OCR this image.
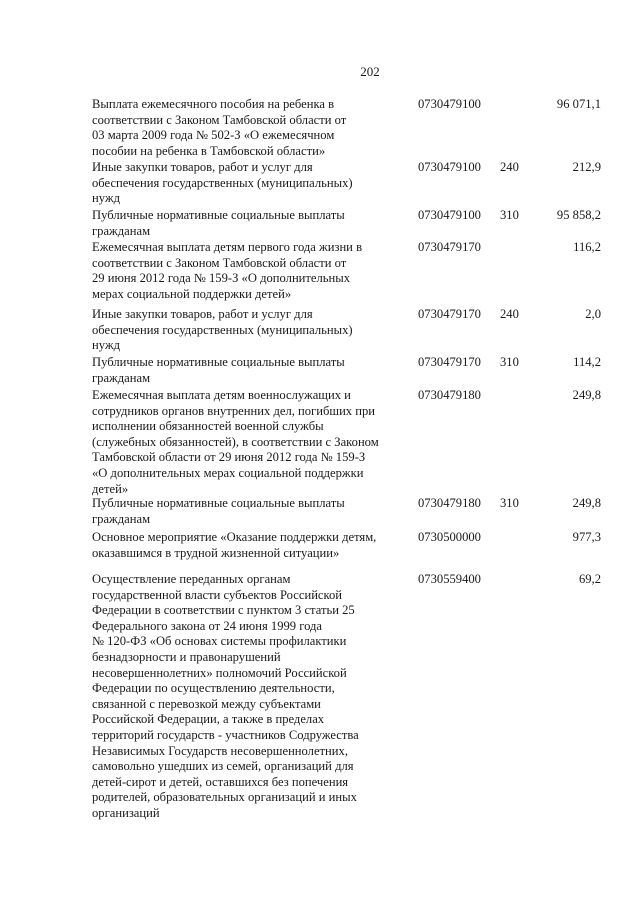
202
Выплата ежемесячного пособия на ребенка в
соответствии с Законом Тамбовской области от
03 марта 2009 года № 502-З «О ежемесячном
пособии на ребенка в Тамбовской области»
0730479100	96 071,1
Иные закупки товаров, работ и услуг для
обеспечения государственных (муниципальных)
нужд
0730479100 240	212,9
Публичные нормативные социальные выплаты
гражданам
0730479100 310	95 858,2
Ежемесячная выплата детям первого года жизни в
соответствии с Законом Тамбовской области от
29 июня 2012 года № 159-З «О дополнительных
мерах социальной поддержки детей»
0730479170	116,2
Иные закупки товаров, работ и услуг для
обеспечения государственных (муниципальных)
нужд
0730479170 240	2,0
Публичные нормативные социальные выплаты
гражданам
0730479170 310	114,2
Ежемесячная выплата детям военнослужащих и
сотрудников органов внутренних дел, погибших при
исполнении обязанностей военной службы
(служебных обязанностей), в соответствии с Законом
Тамбовской области от 29 июня 2012 года № 159-З
«О дополнительных мерах социальной поддержки
детей»
0730479180	249,8
Публичные нормативные социальные выплаты
гражданам
0730479180 310	249,8
Основное мероприятие «Оказание поддержки детям,
оказавшимся в трудной жизненной ситуации»
0730500000	977,3
Осуществление переданных органам
государственной власти субъектов Российской
Федерации в соответствии с пунктом 3 статьи 25
Федерального закона от 24 июня 1999 года
№ 120-ФЗ «Об основах системы профилактики
безнадзорности и правонарушений
несовершеннолетних» полномочий Российской
Федерации по осуществлению деятельности,
связанной с перевозкой между субъектами
Российской Федерации, а также в пределах
территорий государств - участников Содружества
Независимых Государств несовершеннолетних,
самовольно ушедших из семей, организаций для
детей-сирот и детей, оставшихся без попечения
родителей, образовательных организаций и иных
организаций
0730559400	69,2
